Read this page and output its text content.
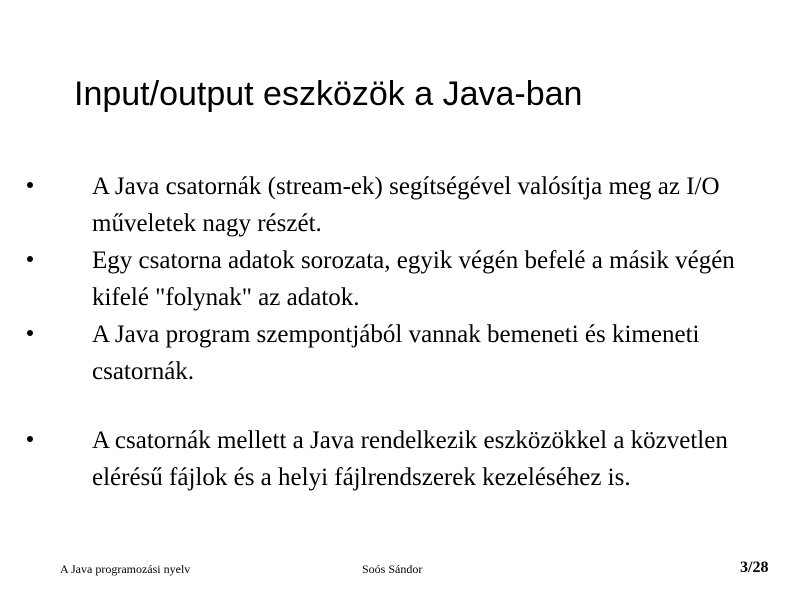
Input/output eszközök a Java-ban

A Java csatornák (stream-ek) segítségével valósítja meg az I/O műveletek nagy részét.

Egy csatorna adatok sorozata, egyik végén befelé a másik végén kifelé "folynak" az adatok.

A Java program szempontjából vannak bemeneti és kimeneti csatornák.

A csatornák mellett a Java rendelkezik eszközökkel a közvetlen elérésű fájlok és a helyi fájlrendszerek kezeléséhez is.

A Java programozási nyelv	Soós Sándor	3/28
